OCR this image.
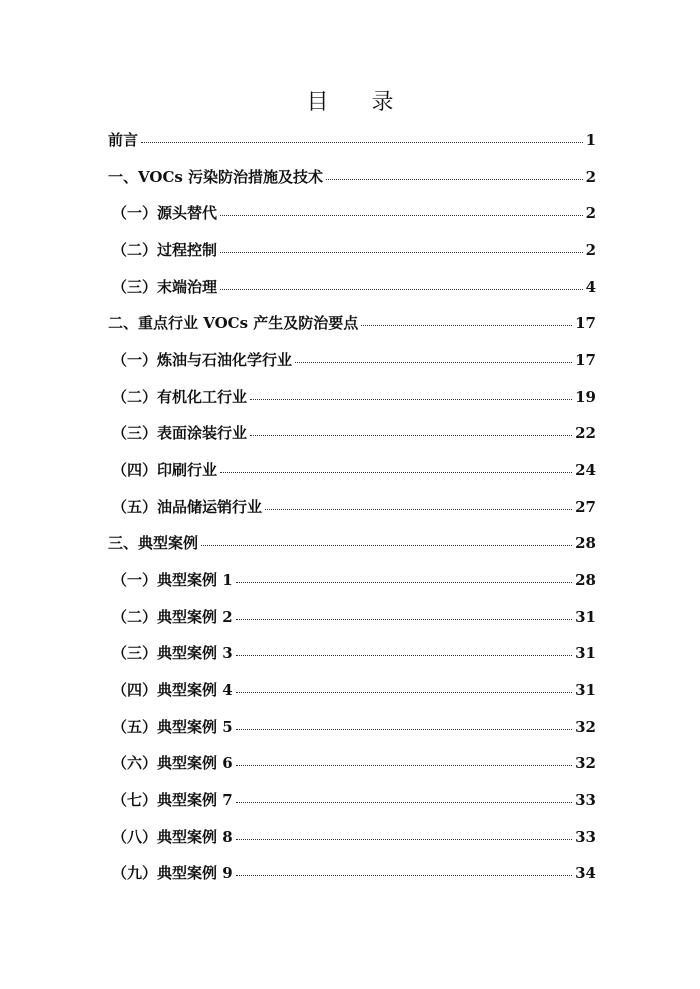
目 录
前言	1
一、VOCs 污染防治措施及技术	2
（一）源头替代	2
（二）过程控制	2
（三）末端治理	4
二、重点行业 VOCs 产生及防治要点	17
（一）炼油与石油化学行业	17
（二）有机化工行业	19
（三）表面涂装行业	22
（四）印刷行业	24
（五）油品储运销行业	27
三、典型案例	28
（一）典型案例 1	28
（二）典型案例 2	31
（三）典型案例 3	31
（四）典型案例 4	31
（五）典型案例 5	32
（六）典型案例 6	32
（七）典型案例 7	33
（八）典型案例 8	33
（九）典型案例 9	34
